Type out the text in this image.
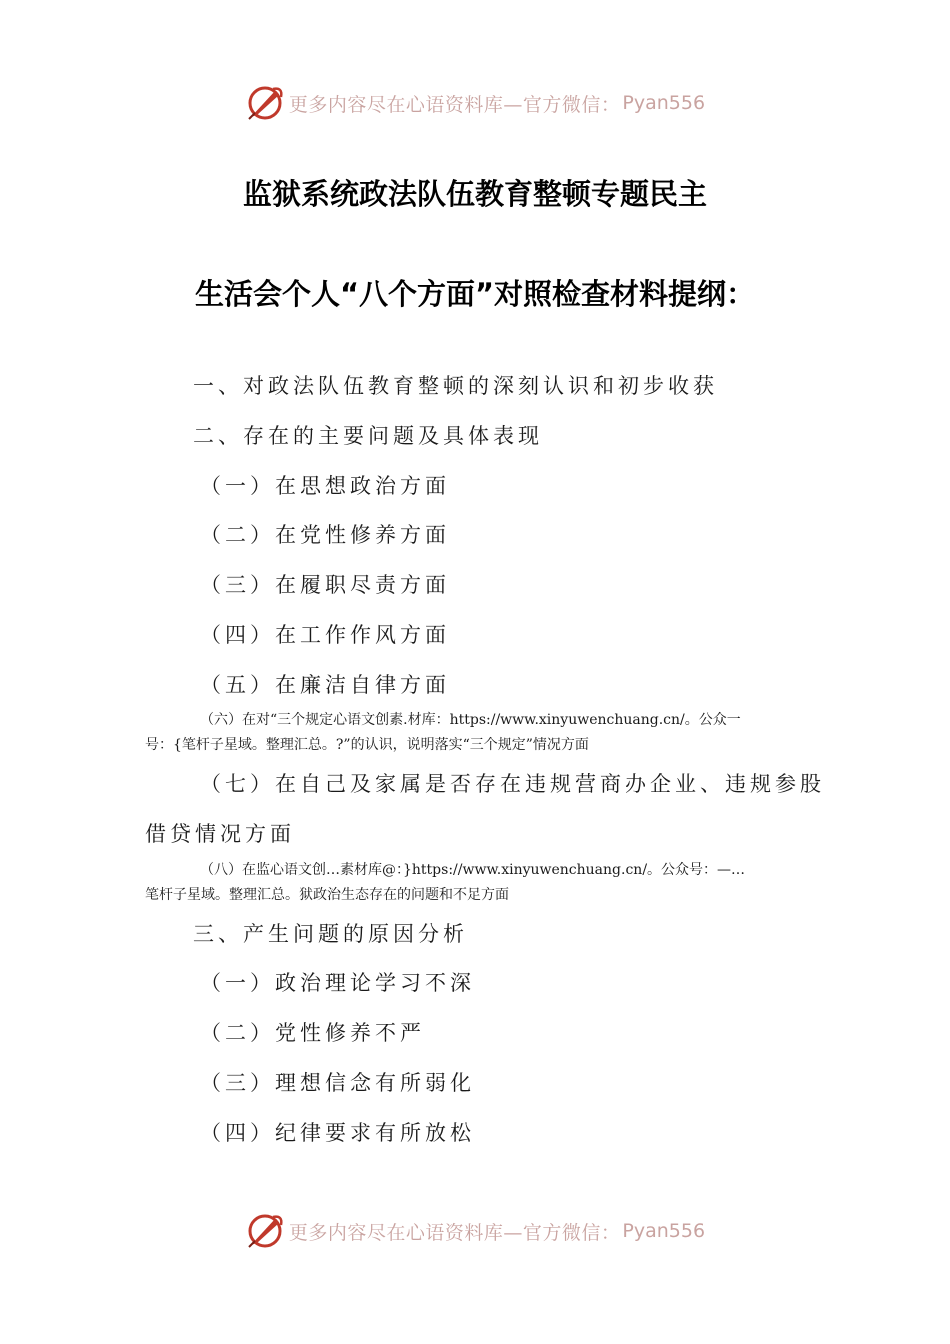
更多内容尽在心语资料库—官方微信： Pyan556
监狱系统政法队伍教育整顿专题民主
生活会个人“八个方面”对照检查材料提纲：
一、对政法队伍教育整顿的深刻认识和初步收获
二、存在的主要问题及具体表现
（一）在思想政治方面
（二）在党性修养方面
（三）在履职尽责方面
（四）在工作作风方面
（五）在廉洁自律方面
（六）在对“三个规定心语文创素.材库：https://www.xinyuwenchuang.cn/。公众一
号：{笔杆子星域。整理汇总。?”的认识，说明落实“三个规定”情况方面
（七）在自己及家属是否存在违规营商办企业、违规参股
借贷情况方面
（八）在监心语文创…素材库@：}https://www.xinyuwenchuang.cn/。公众号：—…
笔杆子星域。整理汇总。狱政治生态存在的问题和不足方面
三、产生问题的原因分析
（一）政治理论学习不深
（二）党性修养不严
（三）理想信念有所弱化
（四）纪律要求有所放松
更多内容尽在心语资料库—官方微信： Pyan556
